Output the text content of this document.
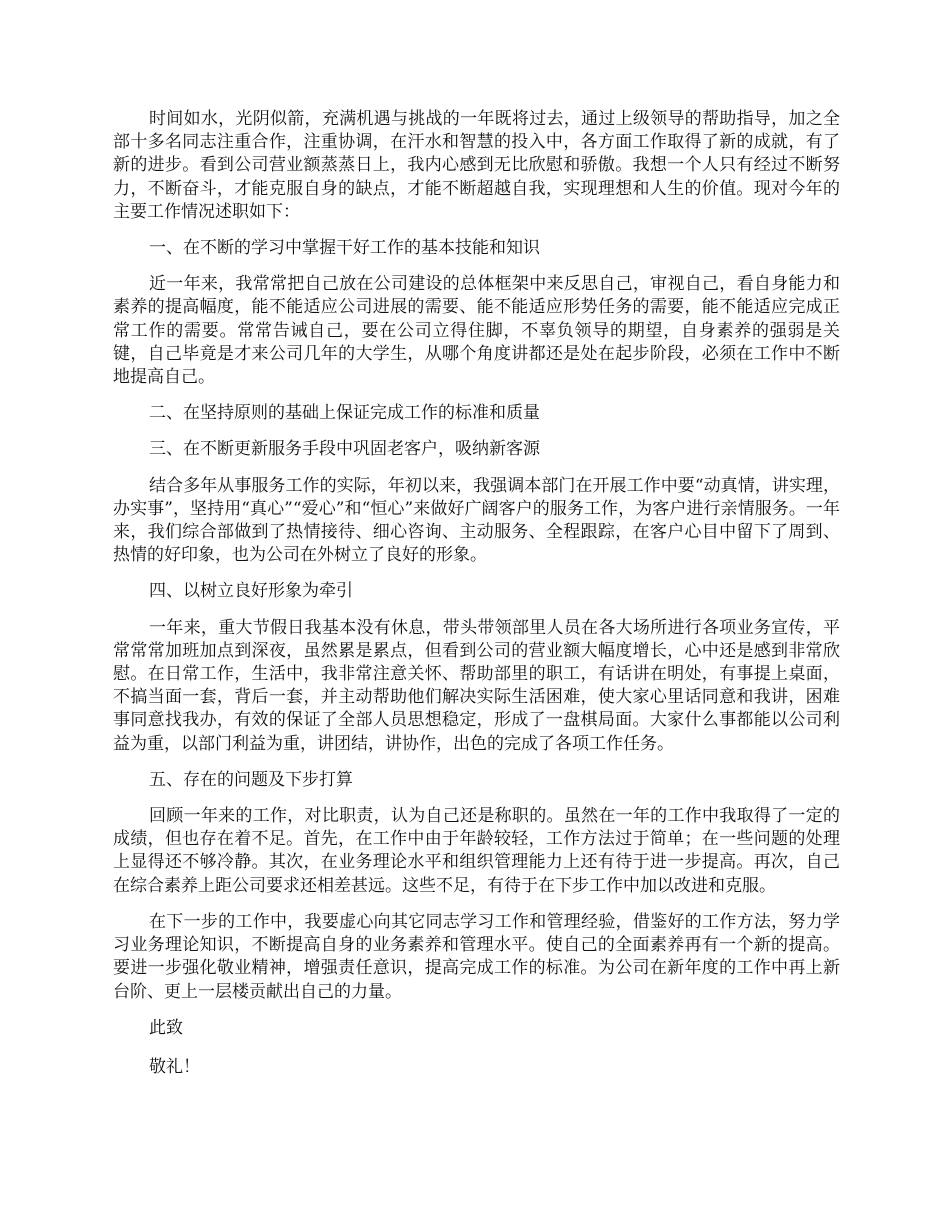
时间如水，光阴似箭，充满机遇与挑战的一年既将过去，通过上级领导的帮助指导，加之全部十多名同志注重合作，注重协调，在汗水和智慧的投入中，各方面工作取得了新的成就，有了新的进步。看到公司营业额蒸蒸日上，我内心感到无比欣慰和骄傲。我想一个人只有经过不断努力，不断奋斗，才能克服自身的缺点，才能不断超越自我，实现理想和人生的价值。现对今年的主要工作情况述职如下：

一、在不断的学习中掌握干好工作的基本技能和知识

近一年来，我常常把自己放在公司建设的总体框架中来反思自己，审视自己，看自身能力和素养的提高幅度，能不能适应公司进展的需要、能不能适应形势任务的需要，能不能适应完成正常工作的需要。常常告诫自己，要在公司立得住脚，不辜负领导的期望，自身素养的强弱是关键，自己毕竟是才来公司几年的大学生，从哪个角度讲都还是处在起步阶段，必须在工作中不断地提高自己。

二、在坚持原则的基础上保证完成工作的标准和质量

三、在不断更新服务手段中巩固老客户，吸纳新客源

结合多年从事服务工作的实际，年初以来，我强调本部门在开展工作中要“动真情，讲实理，办实事”，坚持用“真心”“爱心”和“恒心”来做好广阔客户的服务工作，为客户进行亲情服务。一年来，我们综合部做到了热情接待、细心咨询、主动服务、全程跟踪，在客户心目中留下了周到、热情的好印象，也为公司在外树立了良好的形象。

四、以树立良好形象为牵引

一年来，重大节假日我基本没有休息，带头带领部里人员在各大场所进行各项业务宣传，平常常常加班加点到深夜，虽然累是累点，但看到公司的营业额大幅度增长，心中还是感到非常欣慰。在日常工作，生活中，我非常注意关怀、帮助部里的职工，有话讲在明处，有事提上桌面，不搞当面一套，背后一套，并主动帮助他们解决实际生活困难，使大家心里话同意和我讲，困难事同意找我办，有效的保证了全部人员思想稳定，形成了一盘棋局面。大家什么事都能以公司利益为重，以部门利益为重，讲团结，讲协作，出色的完成了各项工作任务。

五、存在的问题及下步打算

回顾一年来的工作，对比职责，认为自己还是称职的。虽然在一年的工作中我取得了一定的成绩，但也存在着不足。首先，在工作中由于年龄较轻，工作方法过于简单；在一些问题的处理上显得还不够冷静。其次，在业务理论水平和组织管理能力上还有待于进一步提高。再次，自己在综合素养上距公司要求还相差甚远。这些不足，有待于在下步工作中加以改进和克服。

在下一步的工作中，我要虚心向其它同志学习工作和管理经验，借鉴好的工作方法，努力学习业务理论知识，不断提高自身的业务素养和管理水平。使自己的全面素养再有一个新的提高。要进一步强化敬业精神，增强责任意识，提高完成工作的标准。为公司在新年度的工作中再上新台阶、更上一层楼贡献出自己的力量。

此致

敬礼！
